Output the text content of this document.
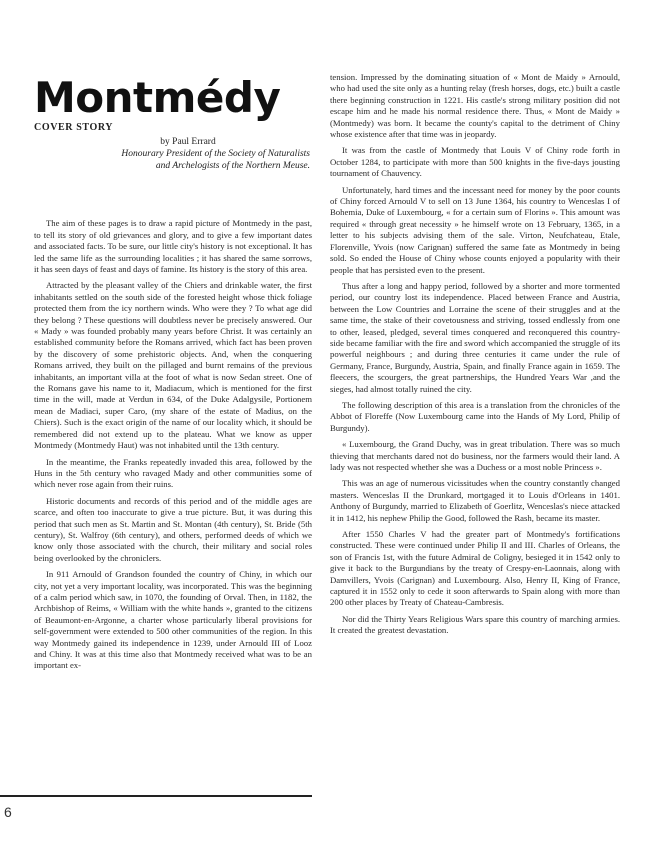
Montmédy
COVER STORY
by Paul Errard
Honourary President of the Society of Naturalists
and Archelogists of the Northern Meuse.

The aim of these pages is to draw a rapid picture of Montmedy in the past, to tell its story of old grievances and glory, and to give a few important dates and associated facts. To be sure, our little city's history is not exceptional. It has led the same life as the surrounding localities ; it has shared the same sorrows, it has seen days of feast and days of famine. Its history is the story of this area.

Attracted by the pleasant valley of the Chiers and drinkable water, the first inhabitants settled on the south side of the forested height whose thick foliage protected them from the icy northern winds. Who were they ? To what age did they belong ? These questions will doubtless never be precisely answered. Our « Mady » was founded probably many years before Christ. It was certainly an established community before the Romans arrived, which fact has been proven by the discovery of some prehistoric objects. And, when the conquering Romans arrived, they built on the pillaged and burnt remains of the previous inhabitants, an important villa at the foot of what is now Sedan street. One of the Romans gave his name to it, Madiacum, which is mentioned for the first time in the will, made at Verdun in 634, of the Duke Adalgysile, Portionem mean de Madiaci, super Caro, (my share of the estate of Madius, on the Chiers). Such is the exact origin of the name of our locality which, it should be remembered did not extend up to the plateau. What we know as upper Montmedy (Montmedy Haut) was not inhabited until the 13th century.

In the meantime, the Franks repeatedly invaded this area, followed by the Huns in the 5th century who ravaged Mady and other communities some of which never rose again from their ruins.

Historic documents and records of this period and of the middle ages are scarce, and often too inaccurate to give a true picture. But, it was during this period that such men as St. Martin and St. Montan (4th century), St. Bride (5th century), St. Walfroy (6th century), and others, performed deeds of which we know only those associated with the church, their military and social roles being overlooked by the chroniclers.

In 911 Arnould of Grandson founded the country of Chiny, in which our city, not yet a very important locality, was incorporated. This was the beginning of a calm period which saw, in 1070, the founding of Orval. Then, in 1182, the Archbishop of Reims, « William with the white hands », granted to the citizens of Beaumont-en-Argonne, a charter whose particularly liberal provisions for self-government were extended to 500 other communities of the region. In this way Montmedy gained its independence in 1239, under Arnould III of Looz and Chiny. It was at this time also that Montmedy received what was to be an important ex-

tension. Impressed by the dominating situation of « Mont de Maidy » Arnould, who had used the site only as a hunting relay (fresh horses, dogs, etc.) built a castle there beginning construction in 1221. His castle's strong military position did not escape him and he made his normal residence there. Thus, « Mont de Maidy » (Montmedy) was born. It became the county's capital to the detriment of Chiny whose existence after that time was in jeopardy.

It was from the castle of Montmedy that Louis V of Chiny rode forth in October 1284, to participate with more than 500 knights in the five-days jousting tournament of Chauvency.

Unfortunately, hard times and the incessant need for money by the poor counts of Chiny forced Arnould V to sell on 13 June 1364, his country to Wenceslas I of Bohemia, Duke of Luxembourg, « for a certain sum of Florins ». This amount was required « through great necessity » he himself wrote on 13 February, 1365, in a letter to his subjects advising them of the sale. Virton, Neufchateau, Etale, Florenville, Yvois (now Carignan) suffered the same fate as Montmedy in being sold. So ended the House of Chiny whose counts enjoyed a popularity with their people that has persisted even to the present.

Thus after a long and happy period, followed by a shorter and more tormented period, our country lost its independence. Placed between France and Austria, between the Low Countries and Lorraine the scene of their struggles and at the same time, the stake of their covetousness and striving, tossed endlessly from one to other, leased, pledged, several times conquered and reconquered this country-side became familiar with the fire and sword which accompanied the struggle of its powerful neighbours ; and during three centuries it came under the rule of Germany, France, Burgundy, Austria, Spain, and finally France again in 1659. The fleecers, the scourgers, the great partnerships, the Hundred Years War ,and the sieges, had almost totally ruined the city.

The following description of this area is a translation from the chronicles of the Abbot of Floreffe (Now Luxembourg came into the Hands of My Lord, Philip of Burgundy).

« Luxembourg, the Grand Duchy, was in great tribulation. There was so much thieving that merchants dared not do business, nor the farmers would their land. A lady was not respected whether she was a Duchess or a most noble Princess ».

This was an age of numerous vicissitudes when the country constantly changed masters. Wenceslas II the Drunkard, mortgaged it to Louis d'Orleans in 1401. Anthony of Burgundy, married to Elizabeth of Goerlitz, Wenceslas's niece attacked it in 1412, his nephew Philip the Good, followed the Rash, became its master.

After 1550 Charles V had the greater part of Montmedy's fortifications constructed. These were continued under Philip II and III. Charles of Orleans, the son of Francis 1st, with the future Admiral de Coligny, besieged it in 1542 only to give it back to the Burgundians by the treaty of Crespy-en-Laonnais, along with Damvillers, Yvois (Carignan) and Luxembourg. Also, Henry II, King of France, captured it in 1552 only to cede it soon afterwards to Spain along with more than 200 other places by Treaty of Chateau-Cambresis.

Nor did the Thirty Years Religious Wars spare this country of marching armies. It created the greatest devastation.

6
